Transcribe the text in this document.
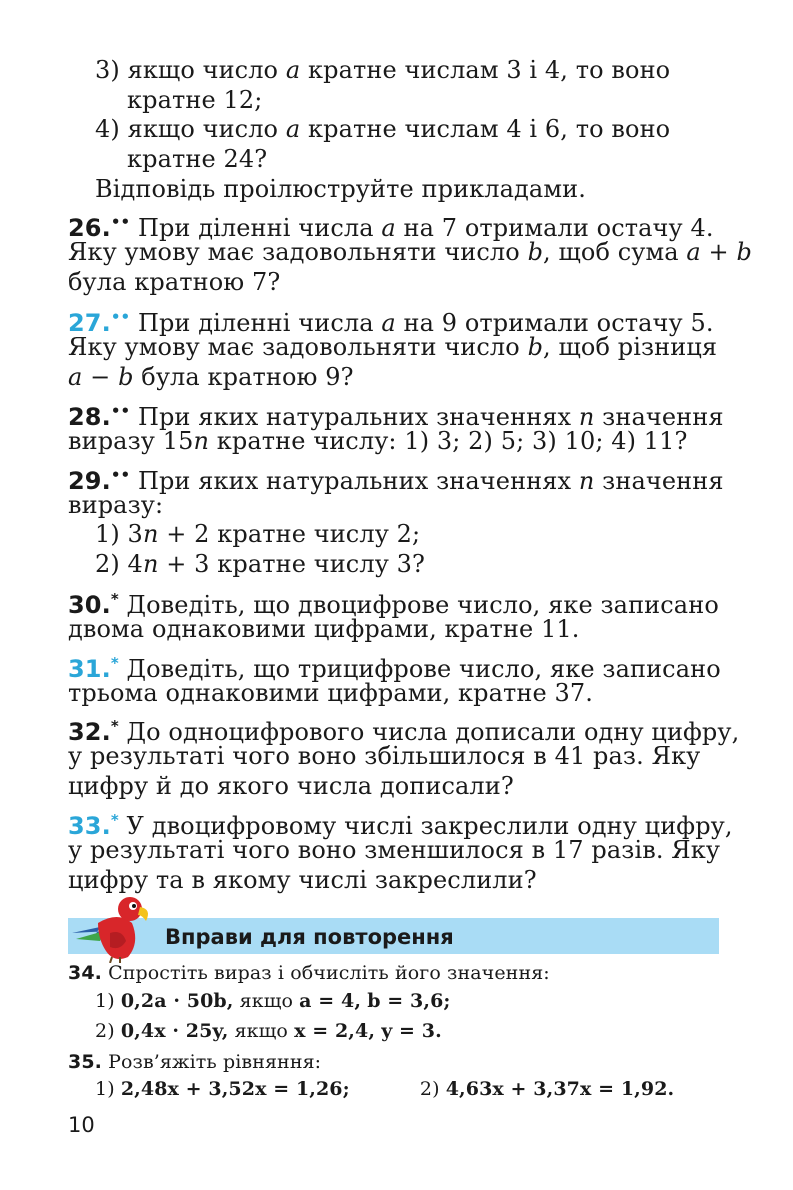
3) якщо число a кратне числам 3 і 4, то воно
кратне 12;
4) якщо число a кратне числам 4 і 6, то воно
кратне 24?
Відповідь проілюструйте прикладами.
26.•• При діленні числа a на 7 отримали остачу 4.
Яку умову має задовольняти число b, щоб сума a + b
була кратною 7?
27.•• При діленні числа a на 9 отримали остачу 5.
Яку умову має задовольняти число b, щоб різниця
a − b була кратною 9?
28.•• При яких натуральних значеннях n значення
виразу 15n кратне числу: 1) 3; 2) 5; 3) 10; 4) 11?
29.•• При яких натуральних значеннях n значення
виразу:
1) 3n + 2 кратне числу 2;
2) 4n + 3 кратне числу 3?
30.* Доведіть, що двоцифрове число, яке записано
двома однаковими цифрами, кратне 11.
31.* Доведіть, що трицифрове число, яке записано
трьома однаковими цифрами, кратне 37.
32.* До одноцифрового числа дописали одну цифру,
у результаті чого воно збільшилося в 41 раз. Яку
цифру й до якого числа дописали?
33.* У двоцифровому числі закреслили одну цифру,
у результаті чого воно зменшилося в 17 разів. Яку
цифру та в якому числі закреслили?
Вправи для повторення
34. Спростіть вираз і обчисліть його значення:
1) 0,2a · 50b, якщо a = 4, b = 3,6;
2) 0,4x · 25y, якщо x = 2,4, y = 3.
35. Розв’яжіть рівняння:
1) 2,48x + 3,52x = 1,26;	2) 4,63x + 3,37x = 1,92.
10
